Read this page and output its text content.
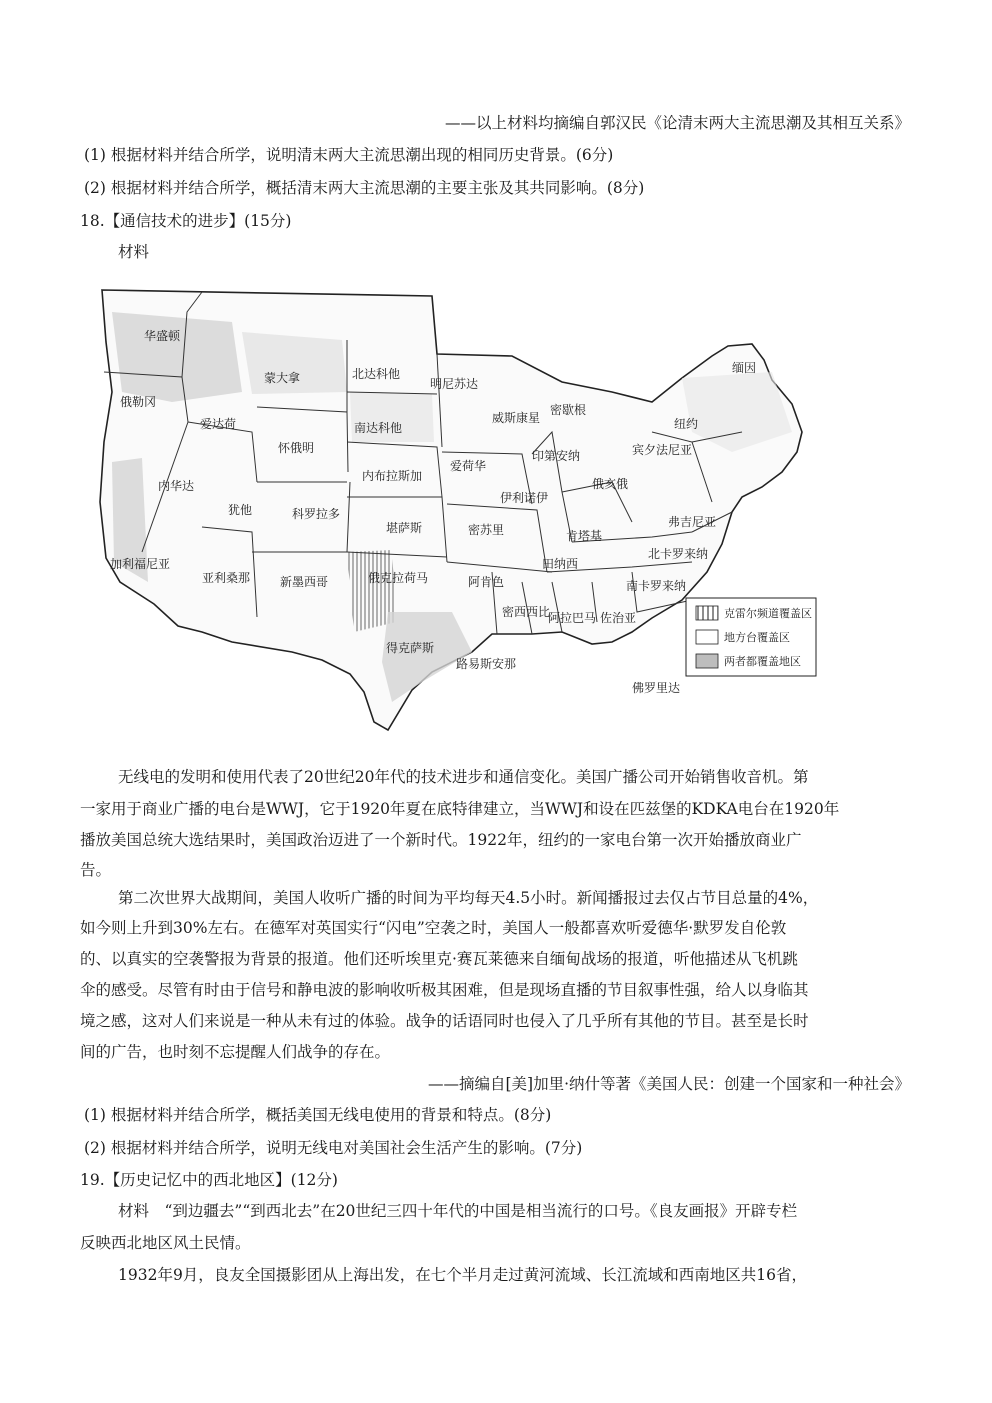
——以上材料均摘编自郭汉民《论清末两大主流思潮及其相互关系》
(1) 根据材料并结合所学，说明清末两大主流思潮出现的相同历史背景。(6分)
(2) 根据材料并结合所学，概括清末两大主流思潮的主要主张及其共同影响。(8分)
18.【通信技术的进步】(15分)
材料
华盛顿
蒙大拿	北达科他
明尼苏达
俄勒冈
爱达荷
怀俄明
南达科他
威斯康星
密歇根
内华达
内布拉斯加
爱荷华
伊利诺伊
印第安纳
俄亥俄
犹他	科罗拉多
堪萨斯	密苏里	肯塔基
加利福尼亚
亚利桑那 新墨西哥	俄克拉荷马	阿肯色
田纳西
北卡罗来纳
南卡罗来纳
得克萨斯
路易斯安那
密西西比
阿拉巴马 佐治亚
佛罗里达
弗吉尼亚
宾夕法尼亚
纽约
缅因
克雷尔频道覆盖区
地方台覆盖区
两者都覆盖地区
无线电的发明和使用代表了20世纪20年代的技术进步和通信变化。美国广播公司开始销售收音机。第
一家用于商业广播的电台是WWJ，它于1920年夏在底特律建立，当WWJ和设在匹兹堡的KDKA电台在1920年
播放美国总统大选结果时，美国政治迈进了一个新时代。1922年，纽约的一家电台第一次开始播放商业广
告。
第二次世界大战期间，美国人收听广播的时间为平均每天4.5小时。新闻播报过去仅占节目总量的4%，
如今则上升到30%左右。在德军对英国实行“闪电”空袭之时，美国人一般都喜欢听爱德华·默罗发自伦敦
的、以真实的空袭警报为背景的报道。他们还听埃里克·赛瓦莱德来自缅甸战场的报道，听他描述从飞机跳
伞的感受。尽管有时由于信号和静电波的影响收听极其困难，但是现场直播的节目叙事性强，给人以身临其
境之感，这对人们来说是一种从未有过的体验。战争的话语同时也侵入了几乎所有其他的节目。甚至是长时
间的广告，也时刻不忘提醒人们战争的存在。
——摘编自[美]加里·纳什等著《美国人民：创建一个国家和一种社会》
(1) 根据材料并结合所学，概括美国无线电使用的背景和特点。(8分)
(2) 根据材料并结合所学，说明无线电对美国社会生活产生的影响。(7分)
19.【历史记忆中的西北地区】(12分)
材料　“到边疆去”“到西北去”在20世纪三四十年代的中国是相当流行的口号。《良友画报》开辟专栏
反映西北地区风土民情。
1932年9月，良友全国摄影团从上海出发，在七个半月走过黄河流域、长江流域和西南地区共16省，
